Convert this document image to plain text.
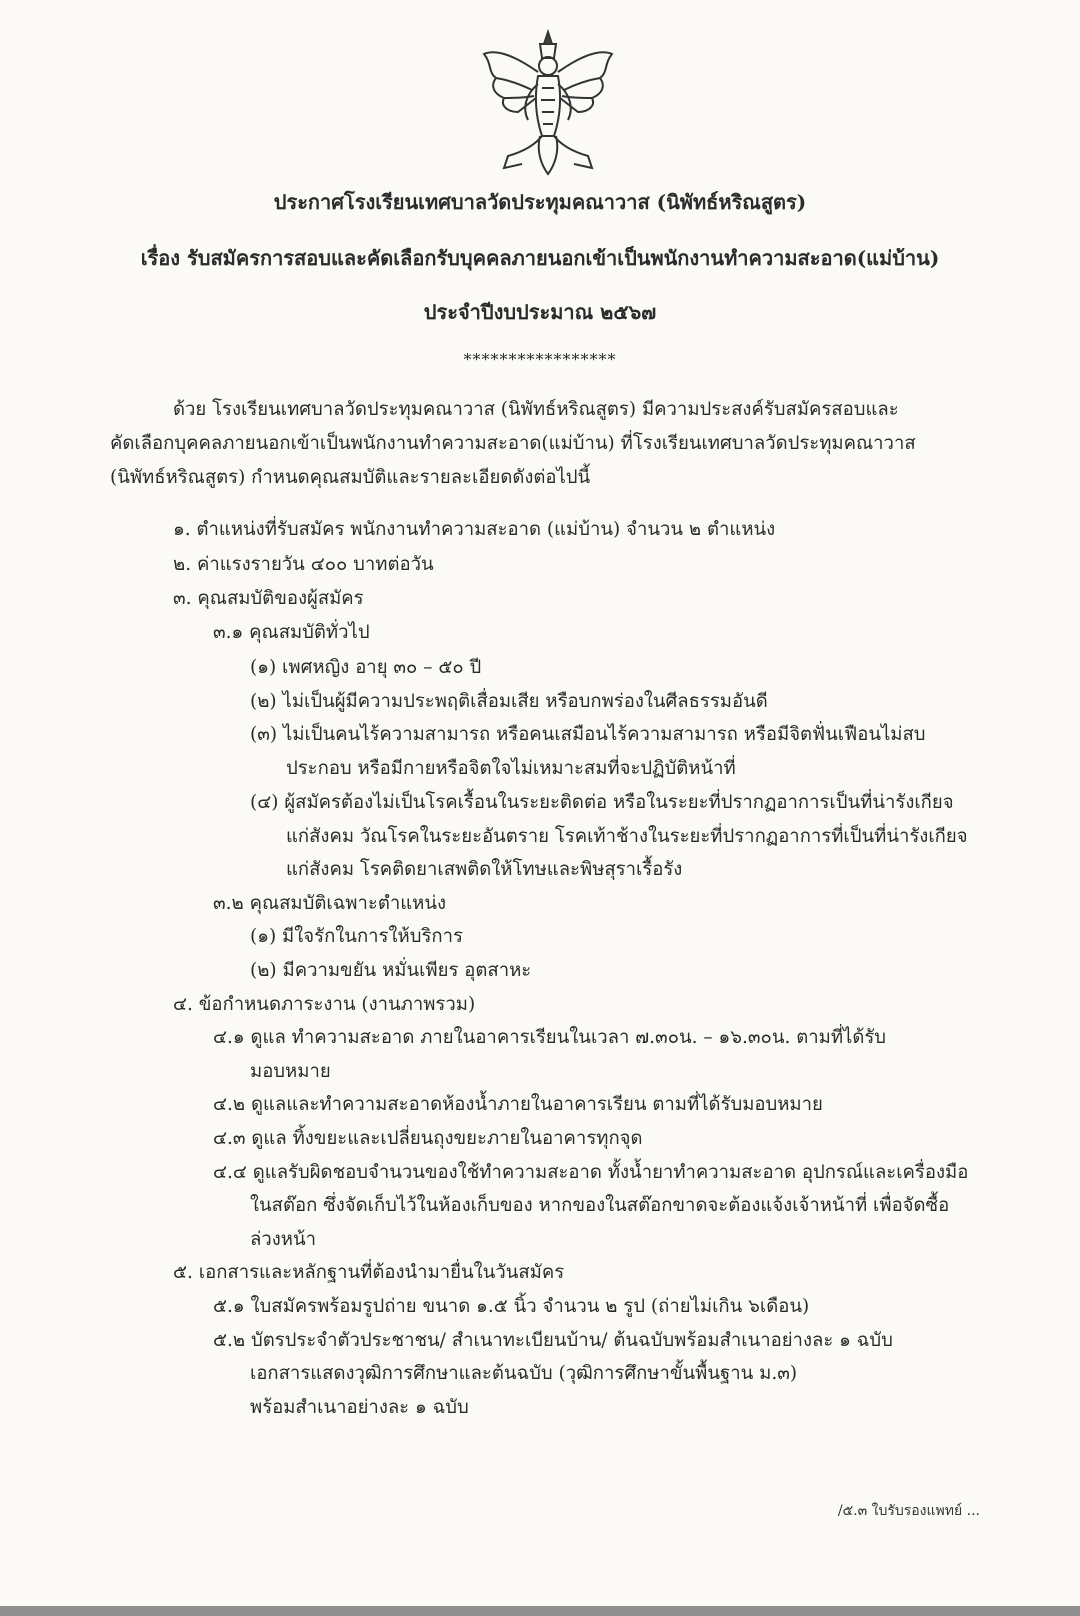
ประกาศโรงเรียนเทศบาลวัดประทุมคณาวาส (นิพัทธ์หริณสูตร)
เรื่อง รับสมัครการสอบและคัดเลือกรับบุคคลภายนอกเข้าเป็นพนักงานทำความสะอาด(แม่บ้าน)
ประจำปีงบประมาณ ๒๕๖๗
*****************
ด้วย โรงเรียนเทศบาลวัดประทุมคณาวาส (นิพัทธ์หริณสูตร) มีความประสงค์รับสมัครสอบและ
คัดเลือกบุคคลภายนอกเข้าเป็นพนักงานทำความสะอาด(แม่บ้าน) ที่โรงเรียนเทศบาลวัดประทุมคณาวาส
(นิพัทธ์หริณสูตร) กำหนดคุณสมบัติและรายละเอียดดังต่อไปนี้
๑. ตำแหน่งที่รับสมัคร พนักงานทำความสะอาด (แม่บ้าน) จำนวน ๒ ตำแหน่ง
๒. ค่าแรงรายวัน ๔๐๐ บาทต่อวัน
๓. คุณสมบัติของผู้สมัคร
๓.๑ คุณสมบัติทั่วไป
(๑) เพศหญิง อายุ ๓๐ – ๕๐ ปี
(๒) ไม่เป็นผู้มีความประพฤติเสื่อมเสีย หรือบกพร่องในศีลธรรมอันดี
(๓) ไม่เป็นคนไร้ความสามารถ หรือคนเสมือนไร้ความสามารถ หรือมีจิตฟั่นเฟือนไม่สบ
ประกอบ หรือมีกายหรือจิตใจไม่เหมาะสมที่จะปฏิบัติหน้าที่
(๔) ผู้สมัครต้องไม่เป็นโรคเรื้อนในระยะติดต่อ หรือในระยะที่ปรากฏอาการเป็นที่น่ารังเกียจ
แก่สังคม วัณโรคในระยะอันตราย โรคเท้าช้างในระยะที่ปรากฏอาการที่เป็นที่น่ารังเกียจ
แก่สังคม โรคติดยาเสพติดให้โทษและพิษสุราเรื้อรัง
๓.๒ คุณสมบัติเฉพาะตำแหน่ง
(๑) มีใจรักในการให้บริการ
(๒) มีความขยัน หมั่นเพียร อุตสาหะ
๔. ข้อกำหนดภาระงาน (งานภาพรวม)
๔.๑ ดูแล ทำความสะอาด ภายในอาคารเรียนในเวลา ๗.๓๐น. – ๑๖.๓๐น. ตามที่ได้รับ
มอบหมาย
๔.๒ ดูแลและทำความสะอาดห้องน้ำภายในอาคารเรียน ตามที่ได้รับมอบหมาย
๔.๓ ดูแล ทิ้งขยะและเปลี่ยนถุงขยะภายในอาคารทุกจุด
๔.๔ ดูแลรับผิดชอบจำนวนของใช้ทำความสะอาด ทั้งน้ำยาทำความสะอาด อุปกรณ์และเครื่องมือ
ในสต๊อก ซึ่งจัดเก็บไว้ในห้องเก็บของ หากของในสต๊อกขาดจะต้องแจ้งเจ้าหน้าที่ เพื่อจัดซื้อ
ล่วงหน้า
๕. เอกสารและหลักฐานที่ต้องนำมายื่นในวันสมัคร
๕.๑ ใบสมัครพร้อมรูปถ่าย ขนาด ๑.๕ นิ้ว จำนวน ๒ รูป (ถ่ายไม่เกิน ๖เดือน)
๕.๒ บัตรประจำตัวประชาชน/ สำเนาทะเบียนบ้าน/ ต้นฉบับพร้อมสำเนาอย่างละ ๑ ฉบับ
เอกสารแสดงวุฒิการศึกษาและต้นฉบับ (วุฒิการศึกษาขั้นพื้นฐาน ม.๓)
พร้อมสำเนาอย่างละ ๑ ฉบับ
/๕.๓ ใบรับรองแพทย์ ...
